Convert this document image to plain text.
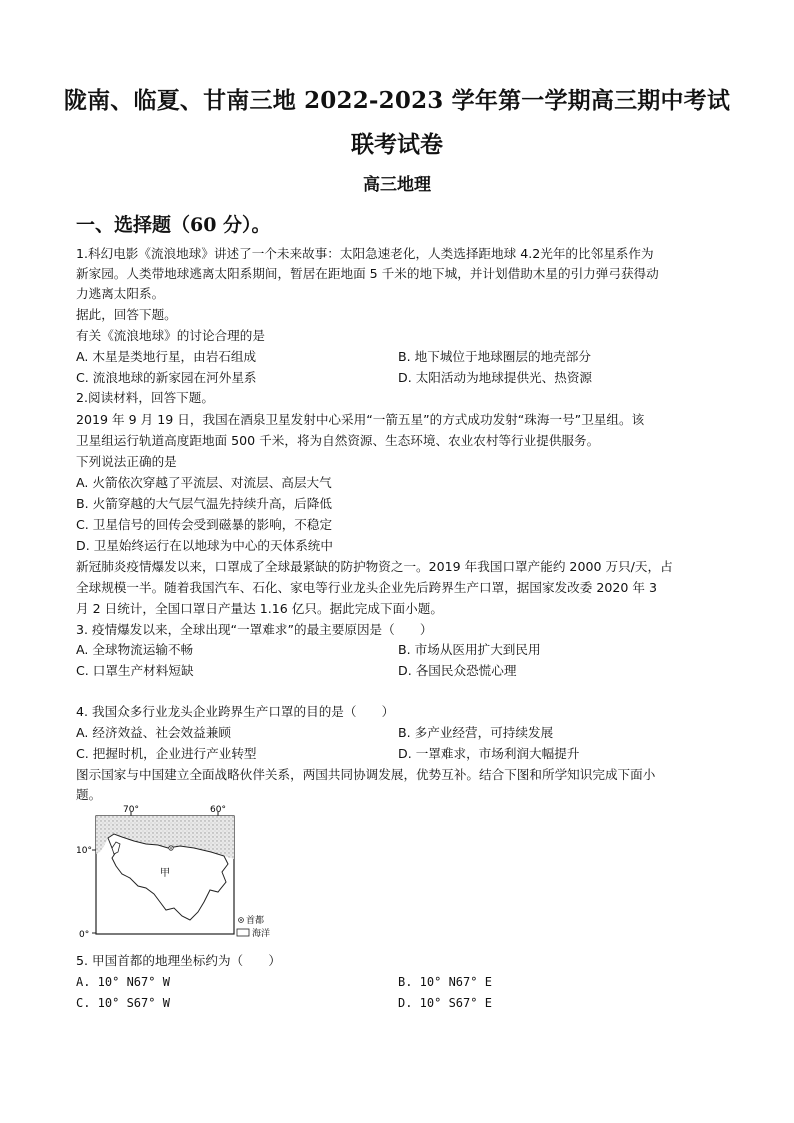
陇南、临夏、甘南三地 2022-2023 学年第一学期高三期中考试
联考试卷
高三地理
一、选择题（60 分）。
1.科幻电影《流浪地球》讲述了一个未来故事：太阳急速老化，人类选择距地球 4.2光年的比邻星系作为
新家园。人类带地球逃离太阳系期间，暂居在距地面 5 千米的地下城，并计划借助木星的引力弹弓获得动
力逃离太阳系。
据此，回答下题。
有关《流浪地球》的讨论合理的是
A. 木星是类地行星，由岩石组成	B. 地下城位于地球圈层的地壳部分
C. 流浪地球的新家园在河外星系	D. 太阳活动为地球提供光、热资源
2.阅读材料，回答下题。
2019 年 9 月 19 日，我国在酒泉卫星发射中心采用“一箭五星”的方式成功发射“珠海一号”卫星组。该
卫星组运行轨道高度距地面 500 千米，将为自然资源、生态环境、农业农村等行业提供服务。
下列说法正确的是
A. 火箭依次穿越了平流层、对流层、高层大气
B. 火箭穿越的大气层气温先持续升高，后降低
C. 卫星信号的回传会受到磁暴的影响，不稳定
D. 卫星始终运行在以地球为中心的天体系统中
新冠肺炎疫情爆发以来，口罩成了全球最紧缺的防护物资之一。2019 年我国口罩产能约 2000 万只/天，占
全球规模一半。随着我国汽车、石化、家电等行业龙头企业先后跨界生产口罩，据国家发改委 2020 年 3
月 2 日统计，全国口罩日产量达 1.16 亿只。据此完成下面小题。
3. 疫情爆发以来，全球出现“一罩难求”的最主要原因是（　　）
A. 全球物流运输不畅	B. 市场从医用扩大到民用
C. 口罩生产材料短缺	D. 各国民众恐慌心理
4. 我国众多行业龙头企业跨界生产口罩的目的是（　　）
A. 经济效益、社会效益兼顾	B. 多产业经营，可持续发展
C. 把握时机，企业进行产业转型	D. 一罩难求，市场利润大幅提升
图示国家与中国建立全面战略伙伴关系，两国共同协调发展，优势互补。结合下图和所学知识完成下面小
题。
70°	60°
10°
0°
甲
首都
海洋
5. 甲国首都的地理坐标约为（　　）
A. 10° N67° W	B. 10° N67° E
C. 10° S67° W	D. 10° S67° E
